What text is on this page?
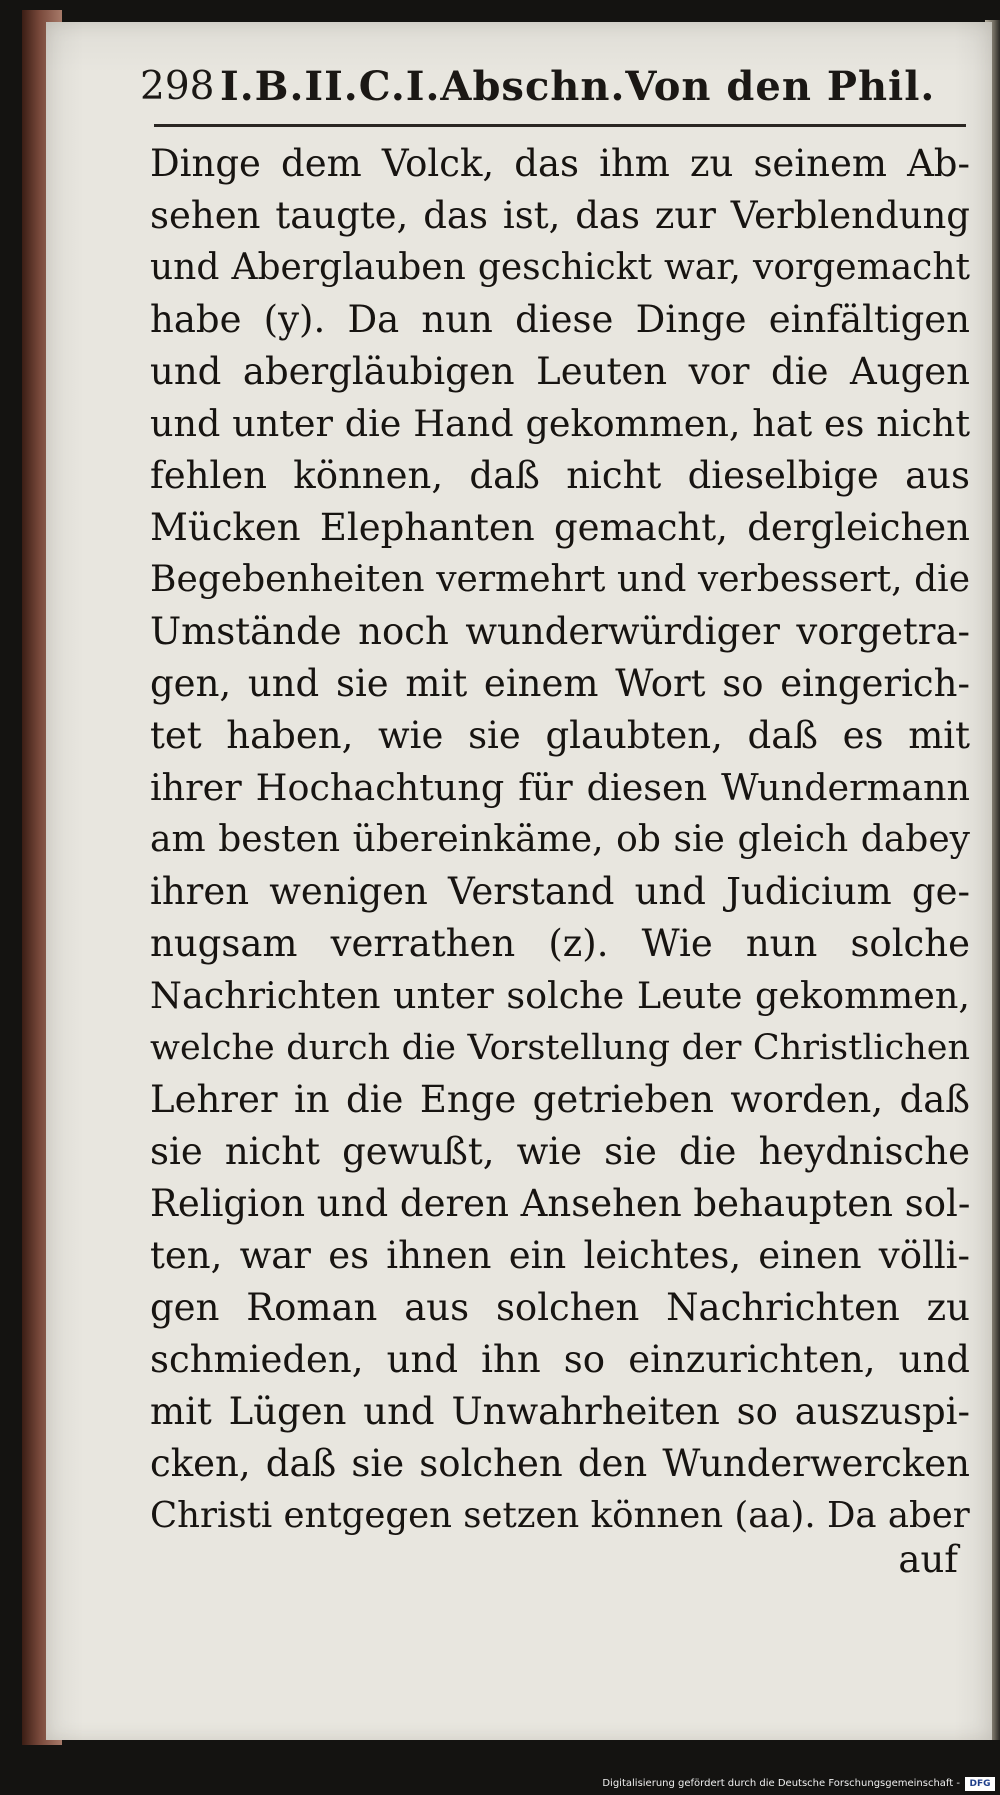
298 I.B.II.C.I.Abschn.Von den Phil.
Dinge dem Volck, das ihm zu seinem Ab-
sehen taugte, das ist, das zur Verblendung
und Aberglauben geschickt war, vorgemacht
habe (y). Da nun diese Dinge einfältigen
und abergläubigen Leuten vor die Augen
und unter die Hand gekommen, hat es nicht
fehlen können, daß nicht dieselbige aus
Mücken Elephanten gemacht, dergleichen
Begebenheiten vermehrt und verbessert, die
Umstände noch wunderwürdiger vorgetra-
gen, und sie mit einem Wort so eingerich-
tet haben, wie sie glaubten, daß es mit
ihrer Hochachtung für diesen Wundermann
am besten übereinkäme, ob sie gleich dabey
ihren wenigen Verstand und Judicium ge-
nugsam verrathen (z). Wie nun solche
Nachrichten unter solche Leute gekommen,
welche durch die Vorstellung der Christlichen
Lehrer in die Enge getrieben worden, daß
sie nicht gewußt, wie sie die heydnische
Religion und deren Ansehen behaupten sol-
ten, war es ihnen ein leichtes, einen völli-
gen Roman aus solchen Nachrichten zu
schmieden, und ihn so einzurichten, und
mit Lügen und Unwahrheiten so auszuspi-
cken, daß sie solchen den Wunderwercken
Christi entgegen setzen können (aa). Da aber
auf
Digitalisierung gefördert durch die Deutsche Forschungsgemeinschaft -	DFG
